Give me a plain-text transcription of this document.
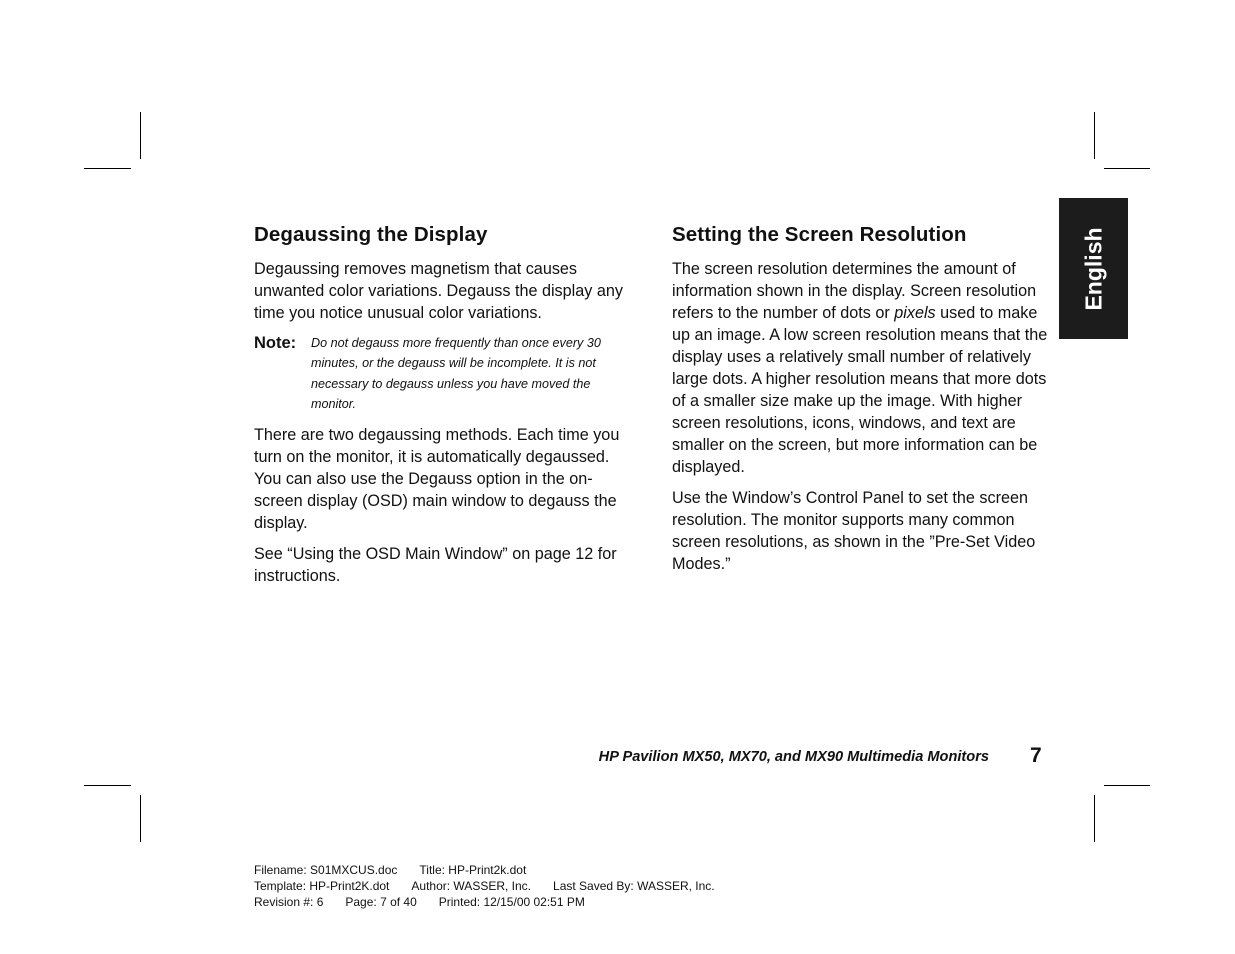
Degaussing the Display

Degaussing removes magnetism that causes unwanted color variations. Degauss the display any time you notice unusual color variations.

Note:	Do not degauss more frequently than once every 30 minutes, or the degauss will be incomplete. It is not necessary to degauss unless you have moved the monitor.

There are two degaussing methods. Each time you turn on the monitor, it is automatically degaussed. You can also use the Degauss option in the on-screen display (OSD) main window to degauss the display.

See “Using the OSD Main Window” on page 12 for instructions.

Setting the Screen Resolution

The screen resolution determines the amount of information shown in the display. Screen resolution refers to the number of dots or pixels used to make up an image. A low screen resolution means that the display uses a relatively small number of relatively large dots. A higher resolution means that more dots of a smaller size make up the image. With higher screen resolutions, icons, windows, and text are smaller on the screen, but more information can be displayed.

Use the Window’s Control Panel to set the screen resolution. The monitor supports many common screen resolutions, as shown in the ”Pre-Set Video Modes.”

English
HP Pavilion MX50, MX70, and MX90 Multimedia Monitors 7
Filename: S01MXCUS.doc Title: HP-Print2k.dot
Template: HP-Print2K.dot Author: WASSER, Inc. Last Saved By: WASSER, Inc.
Revision #: 6 Page: 7 of 40 Printed: 12/15/00 02:51 PM
